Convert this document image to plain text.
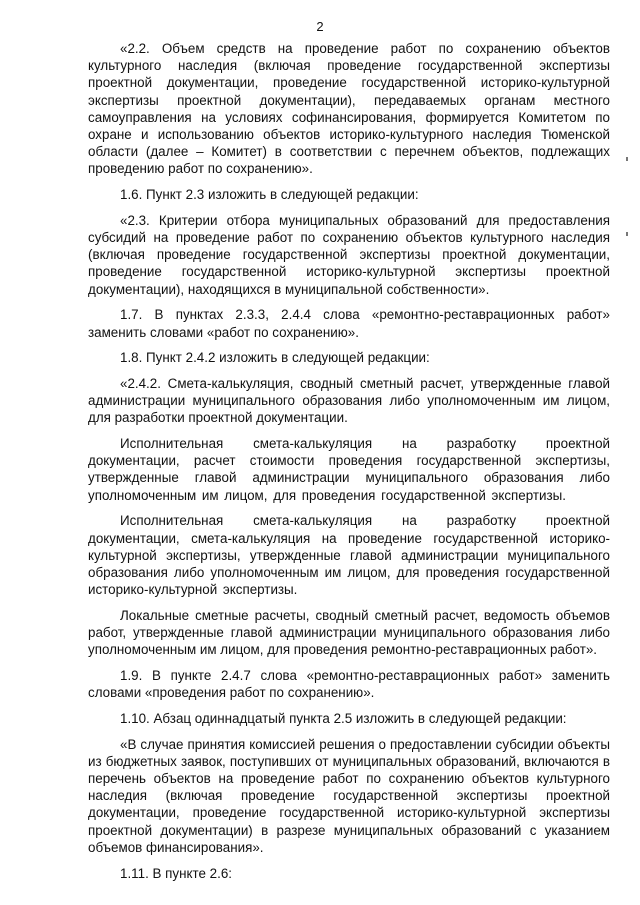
2

«2.2. Объем средств на проведение работ по сохранению объектов культурного наследия (включая проведение государственной экспертизы проектной документации, проведение государственной историко-культурной экспертизы проектной документации), передаваемых органам местного самоуправления на условиях софинансирования, формируется Комитетом по охране и использованию объектов историко-культурного наследия Тюменской области (далее – Комитет) в соответствии с перечнем объектов, подлежащих проведению работ по сохранению».

1.6. Пункт 2.3 изложить в следующей редакции:

«2.3. Критерии отбора муниципальных образований для предоставления субсидий на проведение работ по сохранению объектов культурного наследия (включая проведение государственной экспертизы проектной документации, проведение государственной историко-культурной экспертизы проектной документации), находящихся в муниципальной собственности».

1.7. В пунктах 2.3.3, 2.4.4 слова «ремонтно-реставрационных работ» заменить словами «работ по сохранению».

1.8. Пункт 2.4.2 изложить в следующей редакции:

«2.4.2. Смета-калькуляция, сводный сметный расчет, утвержденные главой администрации муниципального образования либо уполномоченным им лицом, для разработки проектной документации.

Исполнительная смета-калькуляция на разработку проектной документации, расчет стоимости проведения государственной экспертизы, утвержденные главой администрации муниципального образования либо уполномоченным им лицом, для проведения государственной экспертизы.

Исполнительная смета-калькуляция на разработку проектной документации, смета-калькуляция на проведение государственной историко-культурной экспертизы, утвержденные главой администрации муниципального образования либо уполномоченным им лицом, для проведения государственной историко-культурной экспертизы.

Локальные сметные расчеты, сводный сметный расчет, ведомость объемов работ, утвержденные главой администрации муниципального образования либо уполномоченным им лицом, для проведения ремонтно-реставрационных работ».

1.9. В пункте 2.4.7 слова «ремонтно-реставрационных работ» заменить словами «проведения работ по сохранению».

1.10. Абзац одиннадцатый пункта 2.5 изложить в следующей редакции:

«В случае принятия комиссией решения о предоставлении субсидии объекты из бюджетных заявок, поступивших от муниципальных образований, включаются в перечень объектов на проведение работ по сохранению объектов культурного наследия (включая проведение государственной экспертизы проектной документации, проведение государственной историко-культурной экспертизы проектной документации) в разрезе муниципальных образований с указанием объемов финансирования».

1.11. В пункте 2.6:
